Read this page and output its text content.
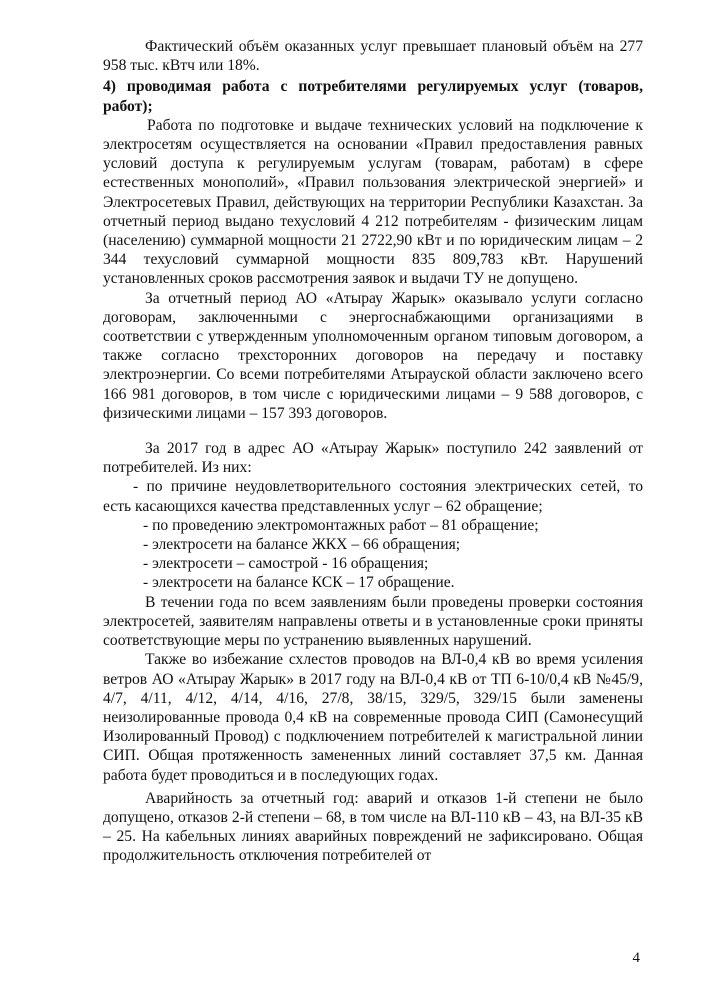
Фактический объём оказанных услуг превышает плановый объём на 277 958 тыс. кВтч или 18%.

4) проводимая работа с потребителями регулируемых услуг (товаров, работ);

Работа по подготовке и выдаче технических условий на подключение к электросетям осуществляется на основании «Правил предоставления равных условий доступа к регулируемым услугам (товарам, работам) в сфере естественных монополий», «Правил пользования электрической энергией» и Электросетевых Правил, действующих на территории Республики Казахстан. За отчетный период выдано техусловий 4 212 потребителям - физическим лицам (населению) суммарной мощности 21 2722,90 кВт и по юридическим лицам – 2 344 техусловий суммарной мощности 835 809,783 кВт. Нарушений установленных сроков рассмотрения заявок и выдачи ТУ не допущено.

За отчетный период АО «Атырау Жарык» оказывало услуги согласно договорам, заключенными с энергоснабжающими организациями в соответствии с утвержденным уполномоченным органом типовым договором, а также согласно трехсторонних договоров на передачу и поставку электроэнергии. Со всеми потребителями Атырауской области заключено всего 166 981 договоров, в том числе с юридическими лицами – 9 588 договоров, с физическими лицами – 157 393 договоров.

За 2017 год в адрес АО «Атырау Жарык» поступило 242 заявлений от потребителей. Из них:

- по причине неудовлетворительного состояния электрических сетей, то есть касающихся качества представленных услуг – 62 обращение;

- по проведению электромонтажных работ – 81 обращение;

- электросети на балансе ЖКХ – 66 обращения;

- электросети – самострой - 16 обращения;

- электросети на балансе КСК – 17 обращение.

В течении года по всем заявлениям были проведены проверки состояния электросетей, заявителям направлены ответы и в установленные сроки приняты соответствующие меры по устранению выявленных нарушений.

Также во избежание схлестов проводов на ВЛ-0,4 кВ во время усиления ветров АО «Атырау Жарык» в 2017 году на ВЛ-0,4 кВ от ТП 6-10/0,4 кВ №45/9, 4/7, 4/11, 4/12, 4/14, 4/16, 27/8, 38/15, 329/5, 329/15 были заменены неизолированные провода 0,4 кВ на современные провода СИП (Самонесущий Изолированный Провод) с подключением потребителей к магистральной линии СИП. Общая протяженность замененных линий составляет 37,5 км. Данная работа будет проводиться и в последующих годах.

Аварийность за отчетный год: аварий и отказов 1-й степени не было допущено, отказов 2-й степени – 68, в том числе на ВЛ-110 кВ – 43, на ВЛ-35 кВ – 25. На кабельных линиях аварийных повреждений не зафиксировано. Общая продолжительность отключения потребителей от

4
